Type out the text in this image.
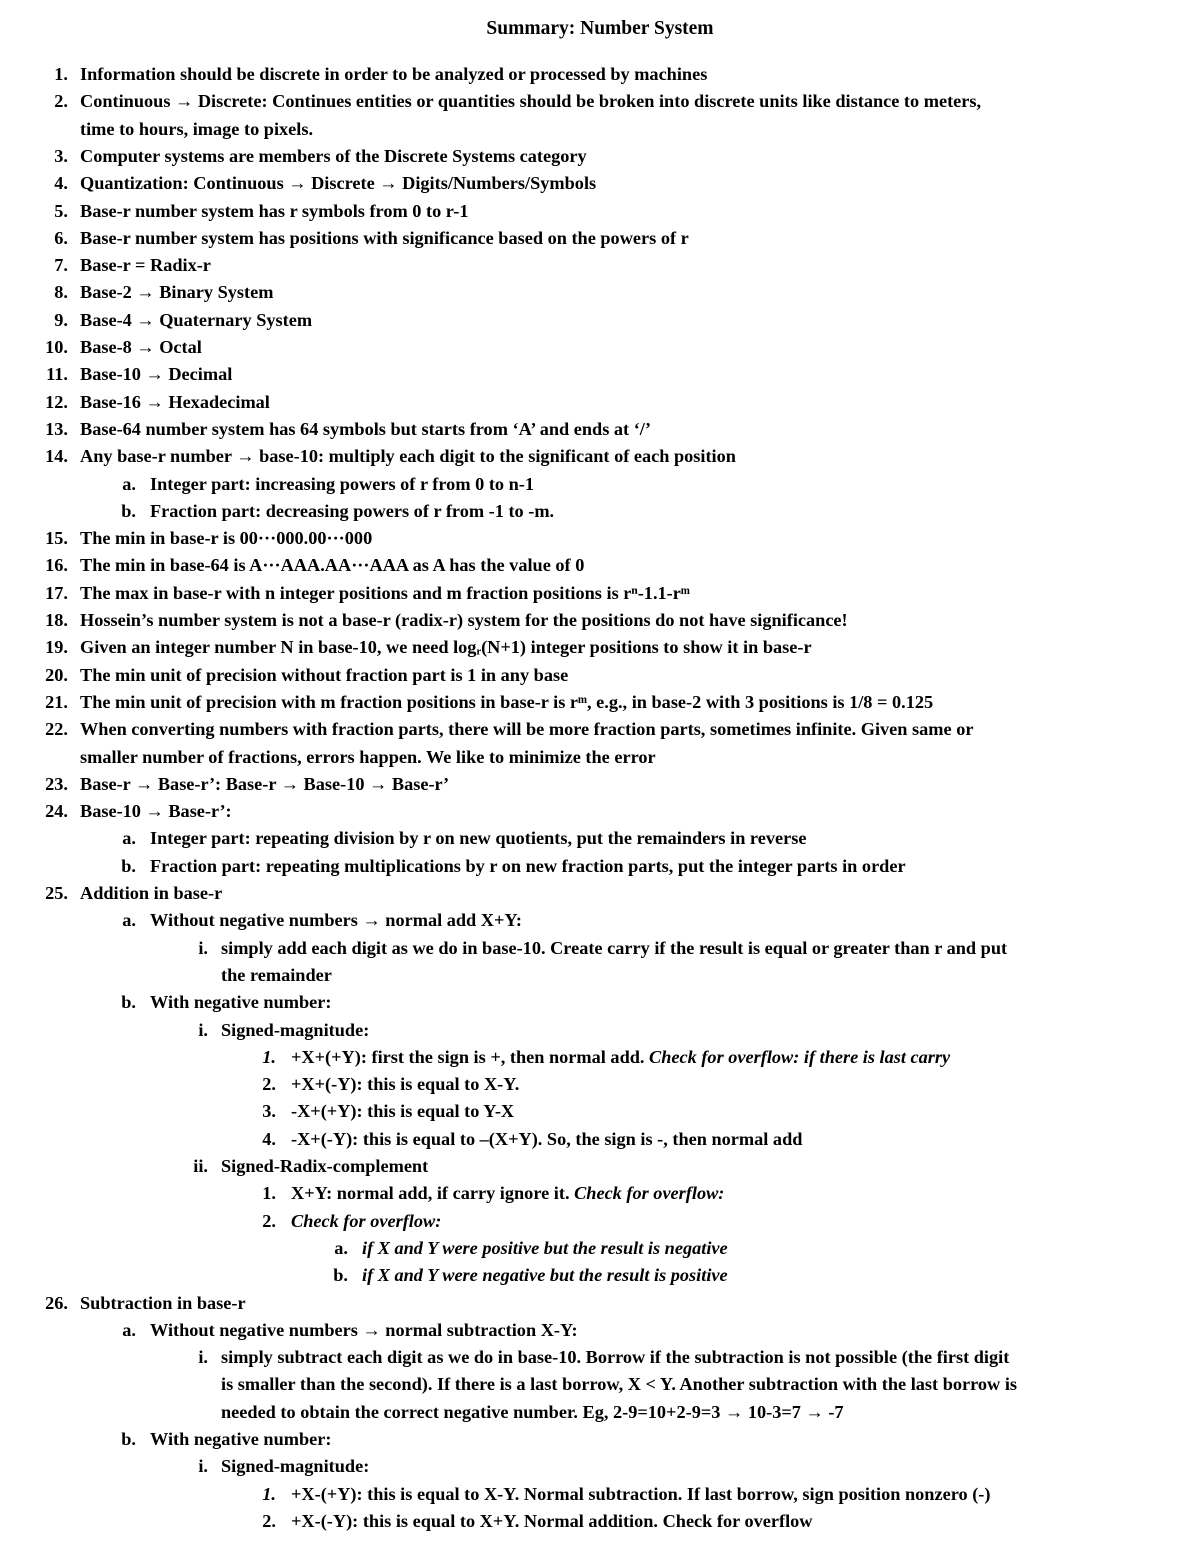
Summary: Number System
1. Information should be discrete in order to be analyzed or processed by machines
2. Continuous → Discrete: Continues entities or quantities should be broken into discrete units like distance to meters,
time to hours, image to pixels.
3. Computer systems are members of the Discrete Systems category
4. Quantization: Continuous → Discrete → Digits/Numbers/Symbols
5. Base-r number system has r symbols from 0 to r-1
6. Base-r number system has positions with significance based on the powers of r
7. Base-r = Radix-r
8. Base-2 → Binary System
9. Base-4 → Quaternary System
10. Base-8 → Octal
11. Base-10 → Decimal
12. Base-16 → Hexadecimal
13. Base-64 number system has 64 symbols but starts from ‘A’ and ends at ‘/’
14. Any base-r number → base-10: multiply each digit to the significant of each position
a. Integer part: increasing powers of r from 0 to n-1
b. Fraction part: decreasing powers of r from -1 to -m.
15. The min in base-r is 00···000.00···000
16. The min in base-64 is A···AAA.AA···AAA as A has the value of 0
17. The max in base-r with n integer positions and m fraction positions is rⁿ-1.1-rᵐ
18. Hossein’s number system is not a base-r (radix-r) system for the positions do not have significance!
19. Given an integer number N in base-10, we need logᵣ(N+1) integer positions to show it in base-r
20. The min unit of precision without fraction part is 1 in any base
21. The min unit of precision with m fraction positions in base-r is rᵐ, e.g., in base-2 with 3 positions is 1/8 = 0.125
22. When converting numbers with fraction parts, there will be more fraction parts, sometimes infinite. Given same or
smaller number of fractions, errors happen. We like to minimize the error
23. Base-r → Base-r’: Base-r → Base-10 → Base-r’
24. Base-10 → Base-r’:
a. Integer part: repeating division by r on new quotients, put the remainders in reverse
b. Fraction part: repeating multiplications by r on new fraction parts, put the integer parts in order
25. Addition in base-r
a. Without negative numbers → normal add X+Y:
i. simply add each digit as we do in base-10. Create carry if the result is equal or greater than r and put
the remainder
b. With negative number:
i. Signed-magnitude:
1. +X+(+Y): first the sign is +, then normal add. Check for overflow: if there is last carry
2. +X+(-Y): this is equal to X-Y.
3. -X+(+Y): this is equal to Y-X
4. -X+(-Y): this is equal to –(X+Y). So, the sign is -, then normal add
ii. Signed-Radix-complement
1. X+Y: normal add, if carry ignore it. Check for overflow:
2. Check for overflow:
a. if X and Y were positive but the result is negative
b. if X and Y were negative but the result is positive
26. Subtraction in base-r
a. Without negative numbers → normal subtraction X-Y:
i. simply subtract each digit as we do in base-10. Borrow if the subtraction is not possible (the first digit
is smaller than the second). If there is a last borrow, X < Y. Another subtraction with the last borrow is
needed to obtain the correct negative number. Eg, 2-9=10+2-9=3 → 10-3=7 → -7
b. With negative number:
i. Signed-magnitude:
1. +X-(+Y): this is equal to X-Y. Normal subtraction. If last borrow, sign position nonzero (-)
2. +X-(-Y): this is equal to X+Y. Normal addition. Check for overflow
